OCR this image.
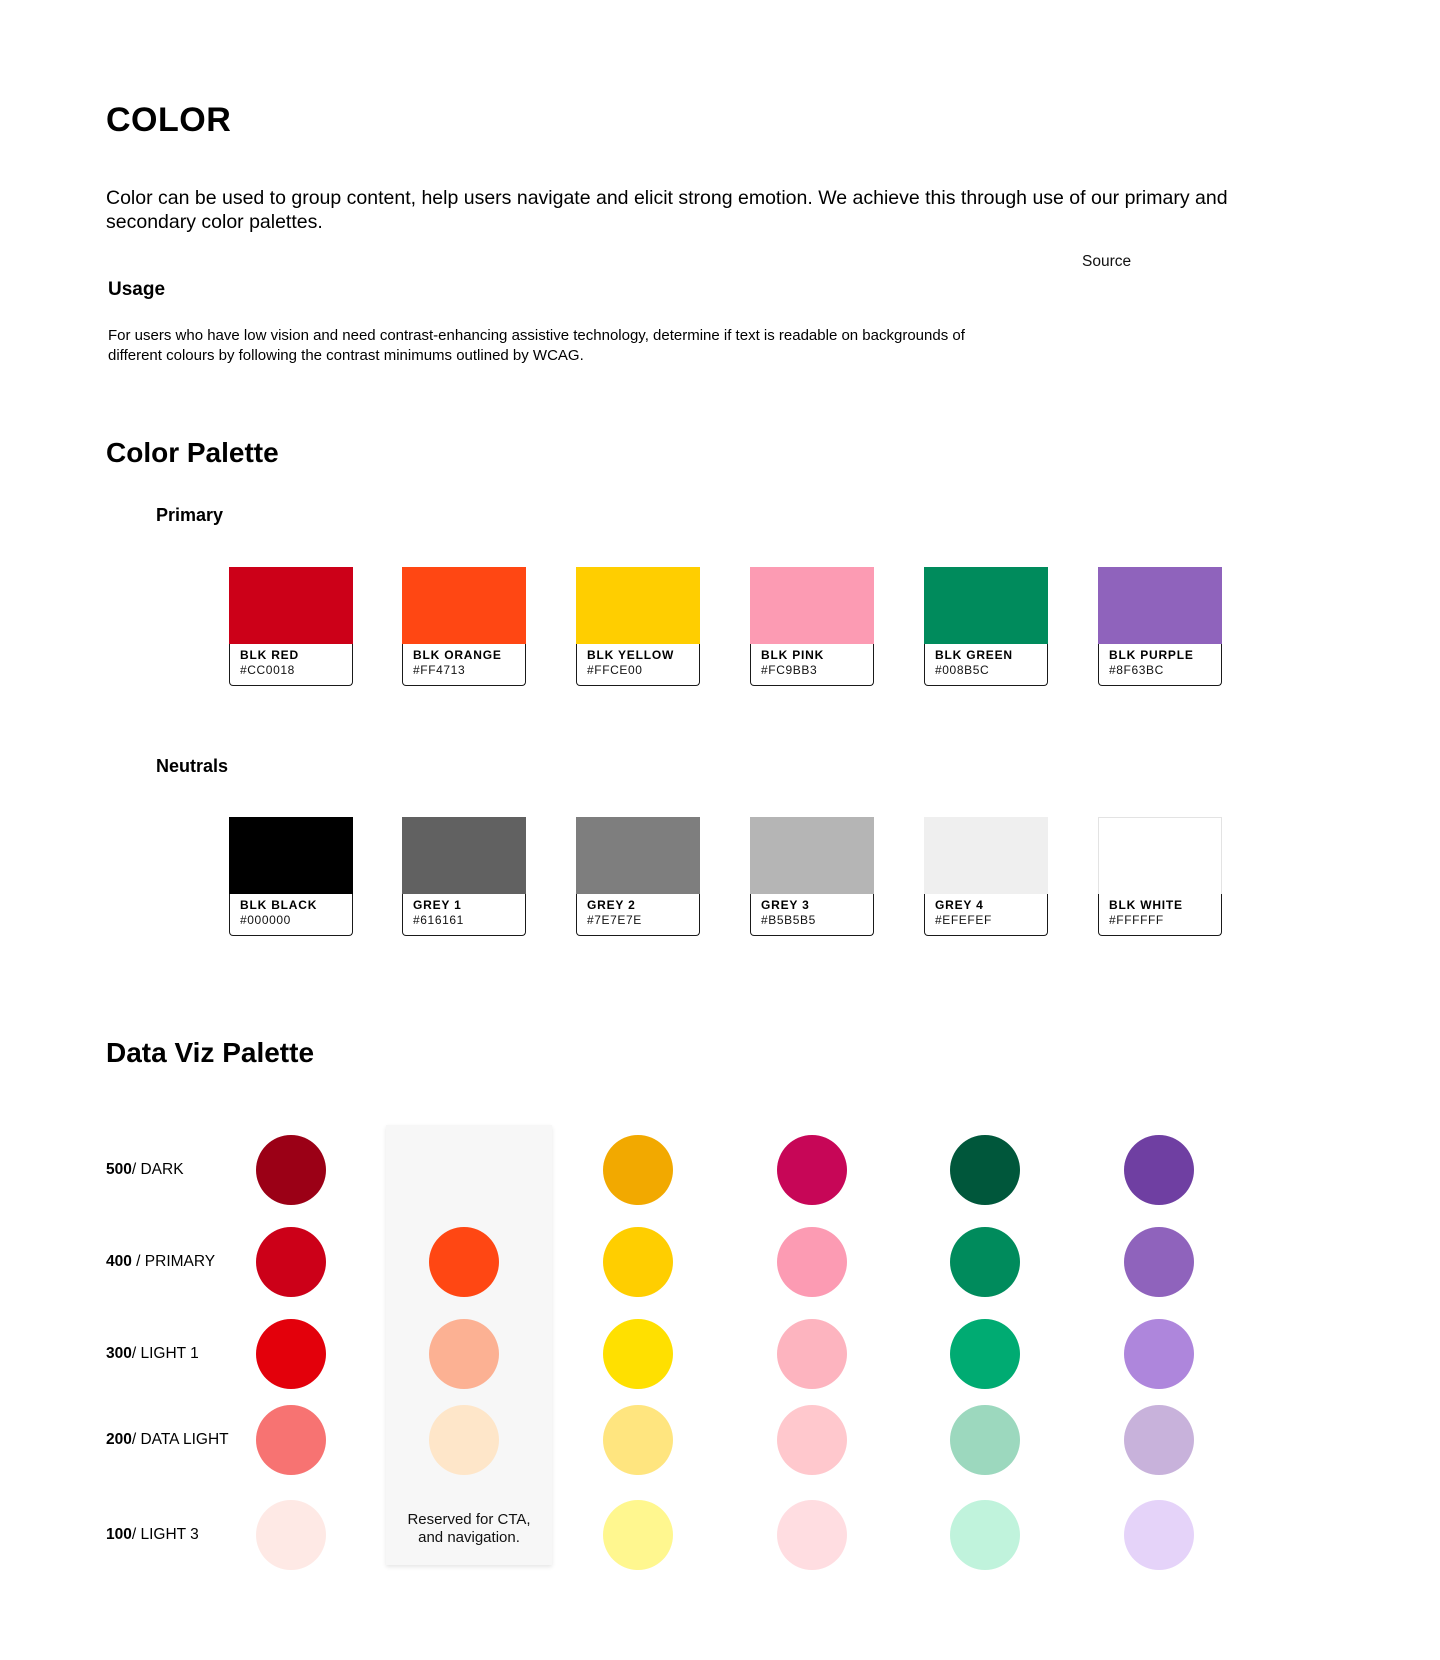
COLOR

Color can be used to group content, help users navigate and elicit strong emotion. We achieve this through use of our primary and secondary color palettes.

Source
Usage

For users who have low vision and need contrast-enhancing assistive technology, determine if text is readable on backgrounds of different colours by following the contrast minimums outlined by WCAG.

Color Palette
Primary
BLK RED
#CC0018
BLK ORANGE
#FF4713
BLK YELLOW
#FFCE00
BLK PINK
#FC9BB3
BLK GREEN
#008B5C
BLK PURPLE
#8F63BC
Neutrals
BLK BLACK
#000000
GREY 1
#616161
GREY 2
#7E7E7E
GREY 3
#B5B5B5
GREY 4
#EFEFEF
BLK WHITE
#FFFFFF
Data Viz Palette
500/ DARK
400 / PRIMARY
300/ LIGHT 1
200/ DATA LIGHT
100/ LIGHT 3
Reserved for CTA,
and navigation.
